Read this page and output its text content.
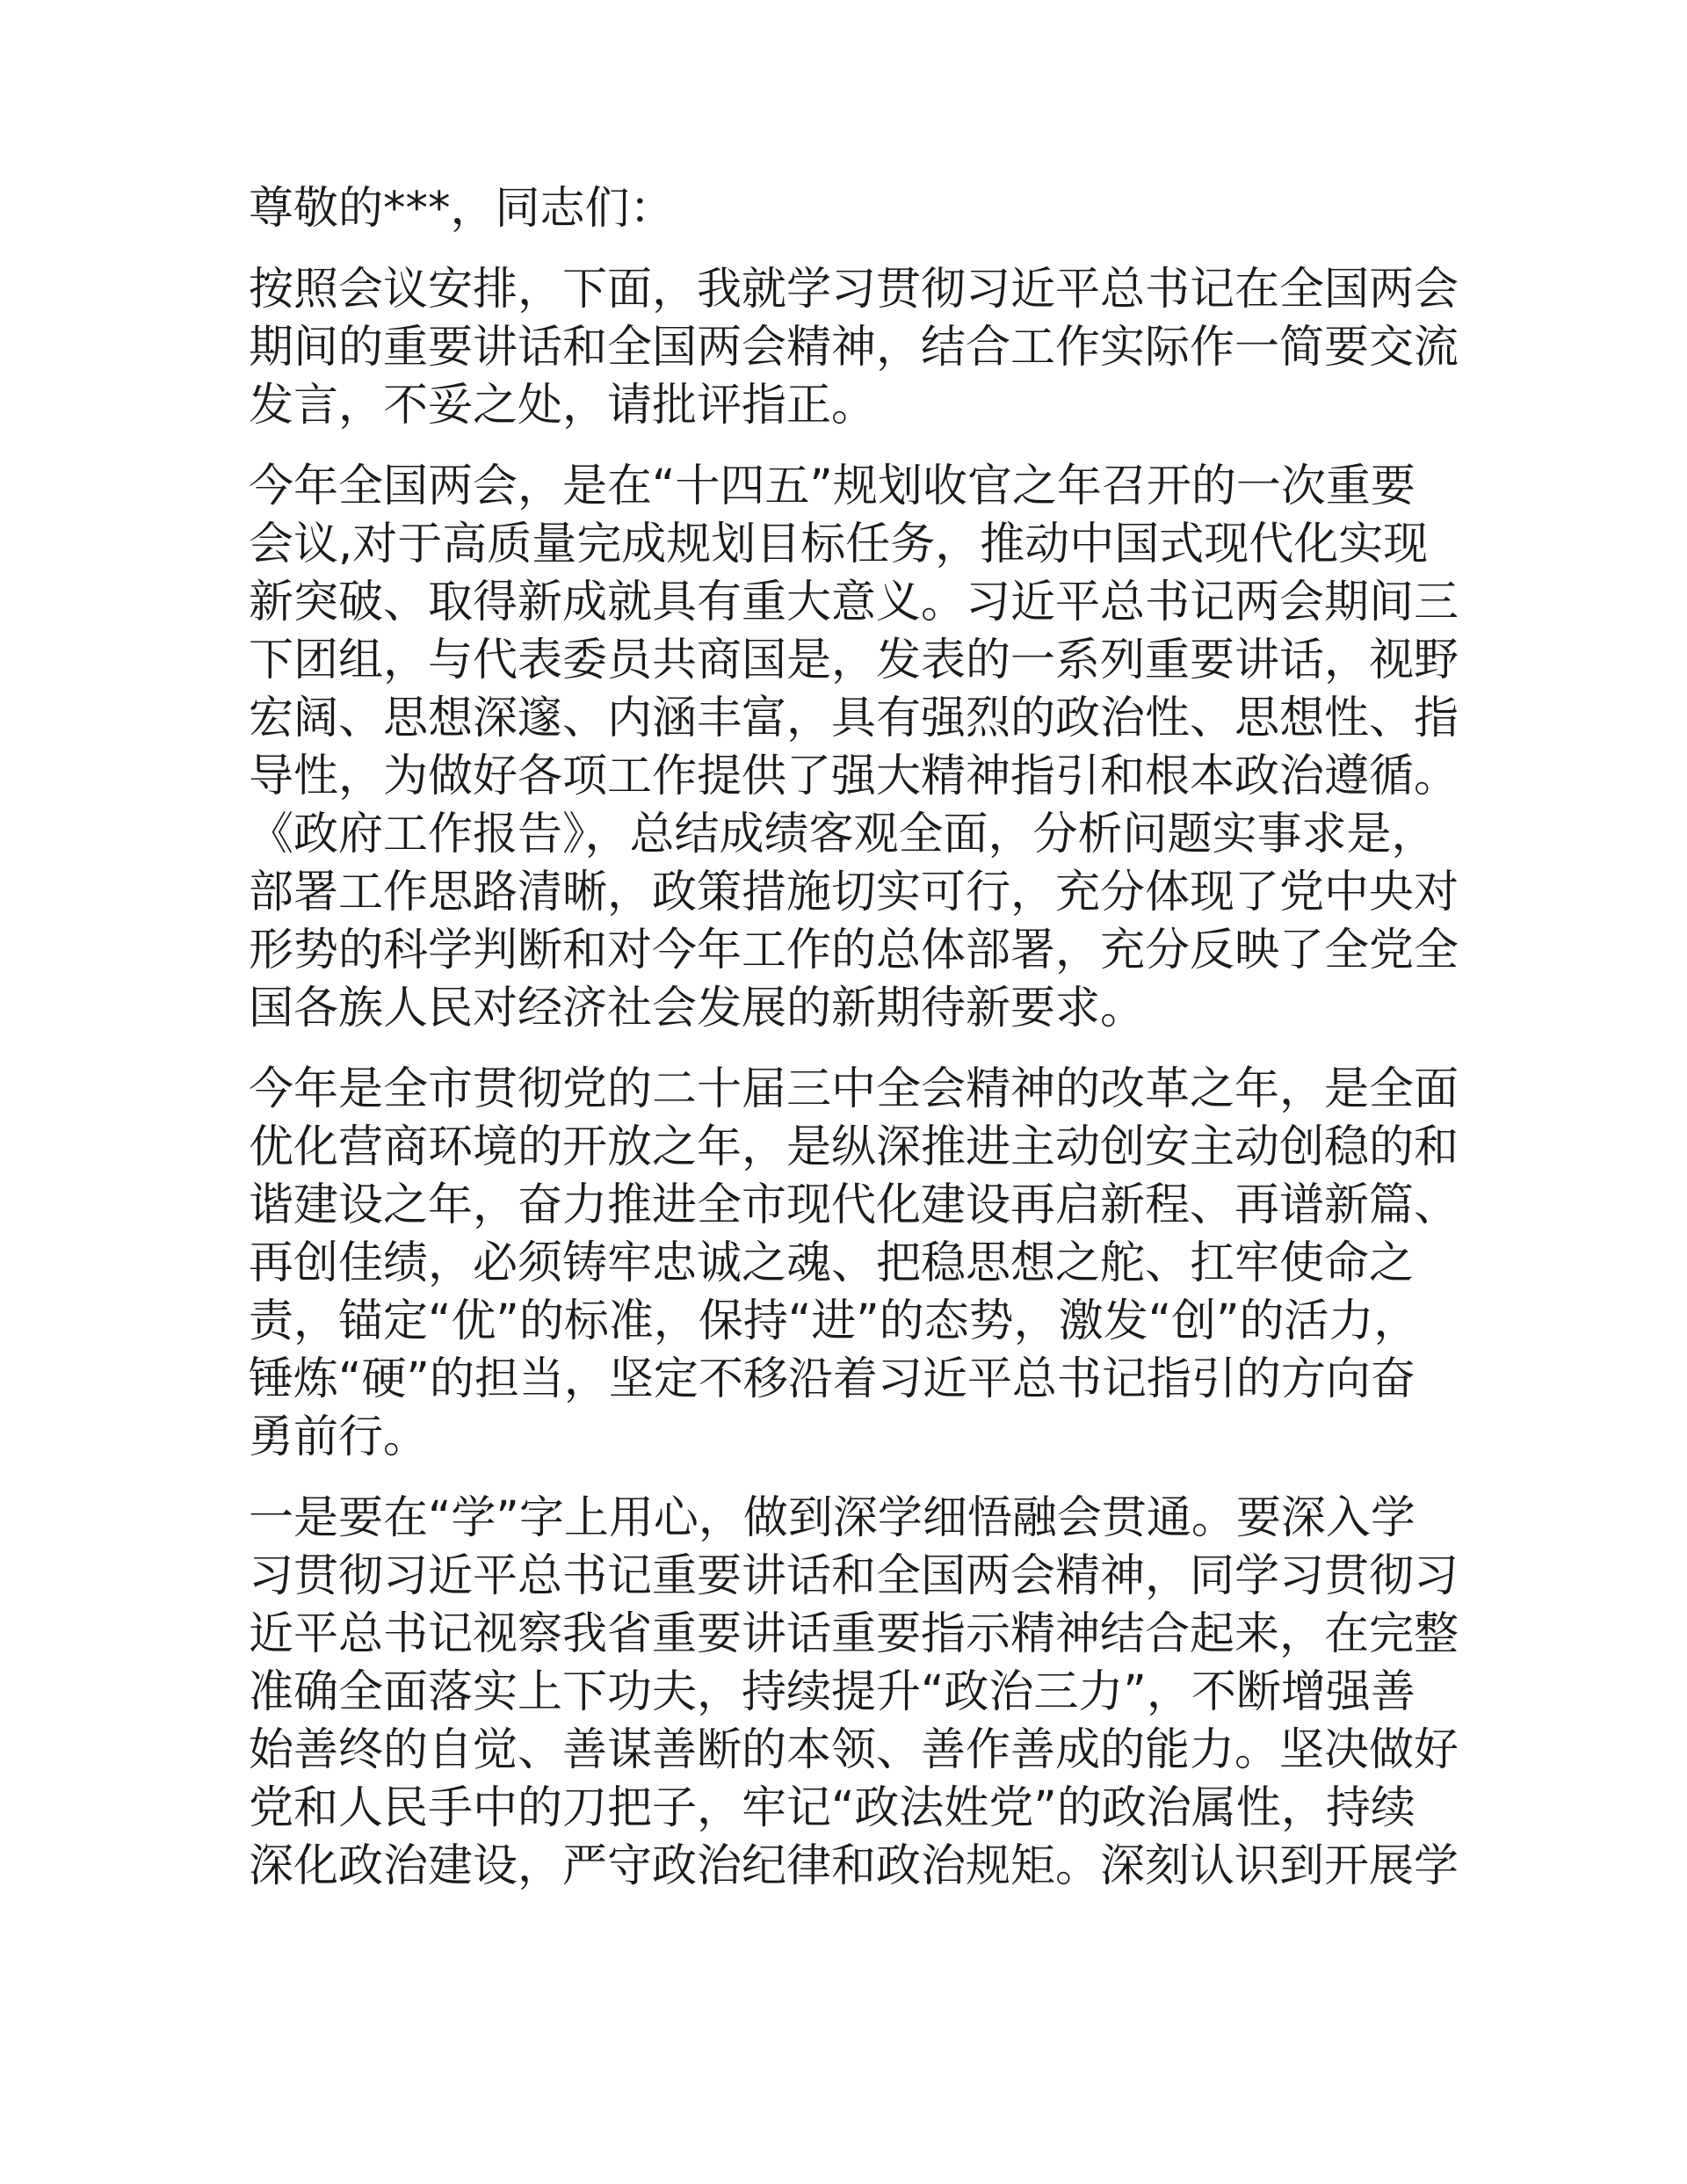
尊敬的***，同志们：

按照会议安排，下面，我就学习贯彻习近平总书记在全国两会
期间的重要讲话和全国两会精神，结合工作实际作一简要交流
发言，不妥之处，请批评指正。

今年全国两会，是在“十四五”规划收官之年召开的一次重要
会议,对于高质量完成规划目标任务，推动中国式现代化实现
新突破、取得新成就具有重大意义。习近平总书记两会期间三
下团组，与代表委员共商国是，发表的一系列重要讲话，视野
宏阔、思想深邃、内涵丰富，具有强烈的政治性、思想性、指
导性，为做好各项工作提供了强大精神指引和根本政治遵循。
《政府工作报告》，总结成绩客观全面，分析问题实事求是，
部署工作思路清晰，政策措施切实可行，充分体现了党中央对
形势的科学判断和对今年工作的总体部署，充分反映了全党全
国各族人民对经济社会发展的新期待新要求。

今年是全市贯彻党的二十届三中全会精神的改革之年，是全面
优化营商环境的开放之年，是纵深推进主动创安主动创稳的和
谐建设之年，奋力推进全市现代化建设再启新程、再谱新篇、
再创佳绩，必须铸牢忠诚之魂、把稳思想之舵、扛牢使命之
责，锚定“优”的标准，保持“进”的态势，激发“创”的活力，
锤炼“硬”的担当，坚定不移沿着习近平总书记指引的方向奋
勇前行。

一是要在“学”字上用心，做到深学细悟融会贯通。要深入学
习贯彻习近平总书记重要讲话和全国两会精神，同学习贯彻习
近平总书记视察我省重要讲话重要指示精神结合起来，在完整
准确全面落实上下功夫，持续提升“政治三力”，不断增强善
始善终的自觉、善谋善断的本领、善作善成的能力。坚决做好
党和人民手中的刀把子，牢记“政法姓党”的政治属性，持续
深化政治建设，严守政治纪律和政治规矩。深刻认识到开展学
